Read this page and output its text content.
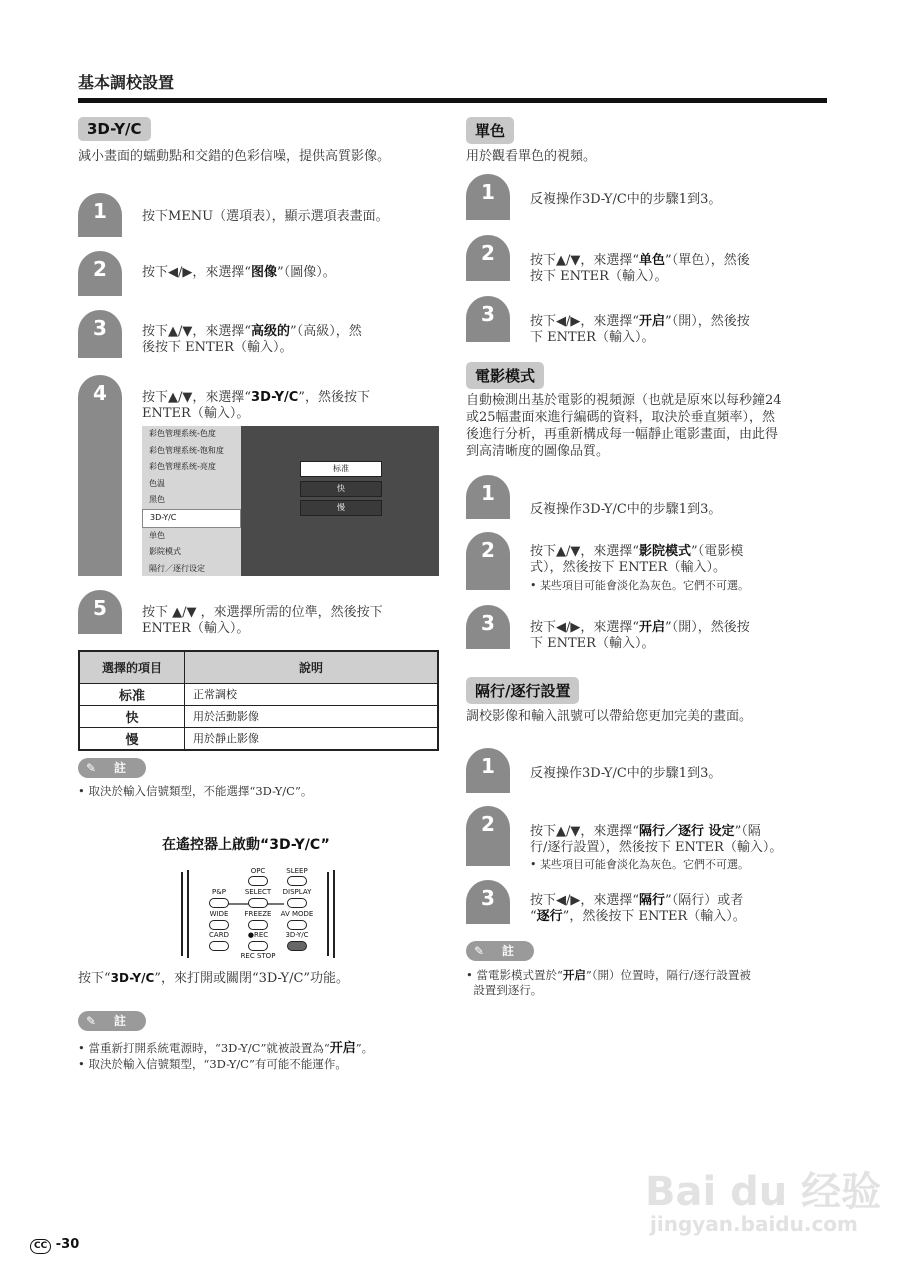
基本調校設置
3D-Y/C
減小畫面的蠕動點和交錯的色彩信噪，提供高質影像。
1	按下MENU（選項表），顯示選項表畫面。
2	按下◀/▶，來選擇“图像”（圖像）。
3	按下▲/▼，來選擇“高级的”（高級），然
後按下 ENTER（輸入）。
4	按下▲/▼，來選擇“3D-Y/C”，然後按下
ENTER（輸入）。
彩色管理系统-色度
彩色管理系统-饱和度
彩色管理系统-亮度
色温
黑色
3D-Y/C
单色
影院模式
隔行／逐行设定
标准
快
慢
5	按下 ▲/▼ ，來選擇所需的位準，然後按下
ENTER（輸入）。
選擇的項目	說明
标准	正常調校
快	用於活動影像
慢	用於靜止影像
✎ 註
• 取決於輸入信號類型，不能選擇“3D-Y/C”。
在遙控器上啟動“3D-Y/C”
OPC	SLEEP
P&P	SELECT	DISPLAY
WIDE	FREEZE	AV MODE
CARD	●REC	3D-Y/C
REC STOP
按下“3D-Y/C”，來打開或關閉“3D-Y/C”功能。
✎ 註
• 當重新打開系統電源時，“3D-Y/C”就被設置為“开启”。
• 取決於輸入信號類型，“3D-Y/C”有可能不能運作。
單色
用於觀看單色的視頻。
1	反複操作3D-Y/C中的步驟1到3。
2	按下▲/▼，來選擇“单色”（單色），然後
按下 ENTER（輸入）。
3	按下◀/▶，來選擇“开启”（開），然後按
下 ENTER（輸入）。
電影模式
自動檢測出基於電影的視頻源（也就是原來以每秒鐘24
或25幅畫面來進行編碼的資料，取決於垂直頻率），然
後進行分析，再重新構成每一幅靜止電影畫面，由此得
到高清晰度的圖像品質。
1
反複操作3D-Y/C中的步驟1到3。
2	按下▲/▼，來選擇“影院模式”（電影模
式），然後按下 ENTER（輸入）。
• 某些項目可能會淡化為灰色。它們不可選。
3	按下◀/▶，來選擇“开启”（開），然後按
下 ENTER（輸入）。
隔行/逐行設置
調校影像和輸入訊號可以帶給您更加完美的畫面。
1	反複操作3D-Y/C中的步驟1到3。
2	按下▲/▼，來選擇“隔行／逐行 设定”（隔
行/逐行設置），然後按下 ENTER（輸入）。
• 某些項目可能會淡化為灰色。它們不可選。
3	按下◀/▶，來選擇“隔行”（隔行）或者
“逐行”，然後按下 ENTER（輸入）。
✎ 註
• 當電影模式置於“开启”（開）位置時，隔行/逐行設置被
設置到逐行。
Bai du 经验
jingyan.baidu.com
CC -30
